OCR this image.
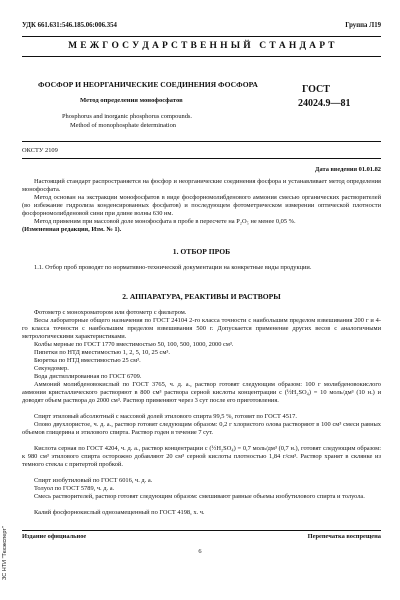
УДК 661.631:546.185.06:006.354	Группа Л19
М Е Ж Г О С У Д А Р С Т В Е Н Н Ы Й   С Т А Н Д А Р Т
ФОСФОР И НЕОРГАНИЧЕСКИЕ СОЕДИНЕНИЯ ФОСФОРА
Метод определения монофосфатов
Phosphorus and inorganic phosphorus compounds.
Method of monophosphate determination
ГОСТ
24024.9—81
ОКСТУ 2109
Дата введения 01.01.82
Настоящий стандарт распространяется на фосфор и неорганические соединения фосфора и устанавливает метод определения монофосфата.
Метод основан на экстракции монофосфатов в виде фосфорномолибденового аммония смесью органических растворителей (во избежание гидролиза конденсированных фосфатов) и последующем фотометрическом измерении оптической плотности фосфорномолибденовой сини при длине волны 630 нм.
Метод применим при массовой доле монофосфата в пробе в пересчете на P₂O₅ не менее 0,05 %.
(Измененная редакция, Изм. № 1).
1. ОТБОР ПРОБ
1.1. Отбор проб проводят по нормативно-технической документации на конкретные виды продукции.
2. АППАРАТУРА, РЕАКТИВЫ И РАСТВОРЫ
Фотометр с монохроматором или фотометр с фильтром.
Весы лабораторные общего назначения по ГОСТ 24104 2-го класса точности с наибольшим пределом взвешивания 200 г и 4-го класса точности с наибольшим пределом взвешивания 500 г. Допускается применение других весов с аналогичными метрологическими характеристиками.
Колбы мерные по ГОСТ 1770 вместимостью 50, 100, 500, 1000, 2000 см³.
Пипетки по НТД вместимостью 1, 2, 5, 10, 25 см³.
Бюретка по НТД вместимостью 25 см³.
Секундомер.
Вода дистиллированная по ГОСТ 6709.
Аммоний молибденовокислый по ГОСТ 3765, ч. д. а., раствор готовят следующим образом: 100 г молибденовокислого аммония кристаллического растворяют в 800 см³ раствора серной кислоты концентрации с (½H₂SO₄) = 10 моль/дм³ (10 н.) и доводят объем раствора до 2000 см³. Раствор применяют через 3 сут после его приготовления.
Спирт этиловый абсолютный с массовой долей этилового спирта 99,5 %, готовят по ГОСТ 4517.
Олово двухлористое, ч. д. а., раствор готовят следующим образом: 0,2 г хлористого олова растворяют в 100 см³ смеси равных объемов глицерина и этилового спирта. Раствор годен в течение 7 сут.
Кислота серная по ГОСТ 4204, ч. д. а., раствор концентрации с (½H₂SO₄) = 0,7 моль/дм³ (0,7 н.), готовят следующим образом: к 980 см³ этилового спирта осторожно добавляют 20 см³ серной кислоты плотностью 1,84 г/см³. Раствор хранят в склянке из темного стекла с притертой пробкой.
Спирт изобутиловый по ГОСТ 6016, ч. д. а.
Толуол по ГОСТ 5789, ч. д. а.
Смесь растворителей, раствор готовят следующим образом: смешивают равные объемы изобутилового спирта и толуола.
Калий фосфорнокислый однозамещенный по ГОСТ 4198, х. ч.
Издание официальное	Перепечатка воспрещена
6
ЗС НТИ "Техэксперт"
